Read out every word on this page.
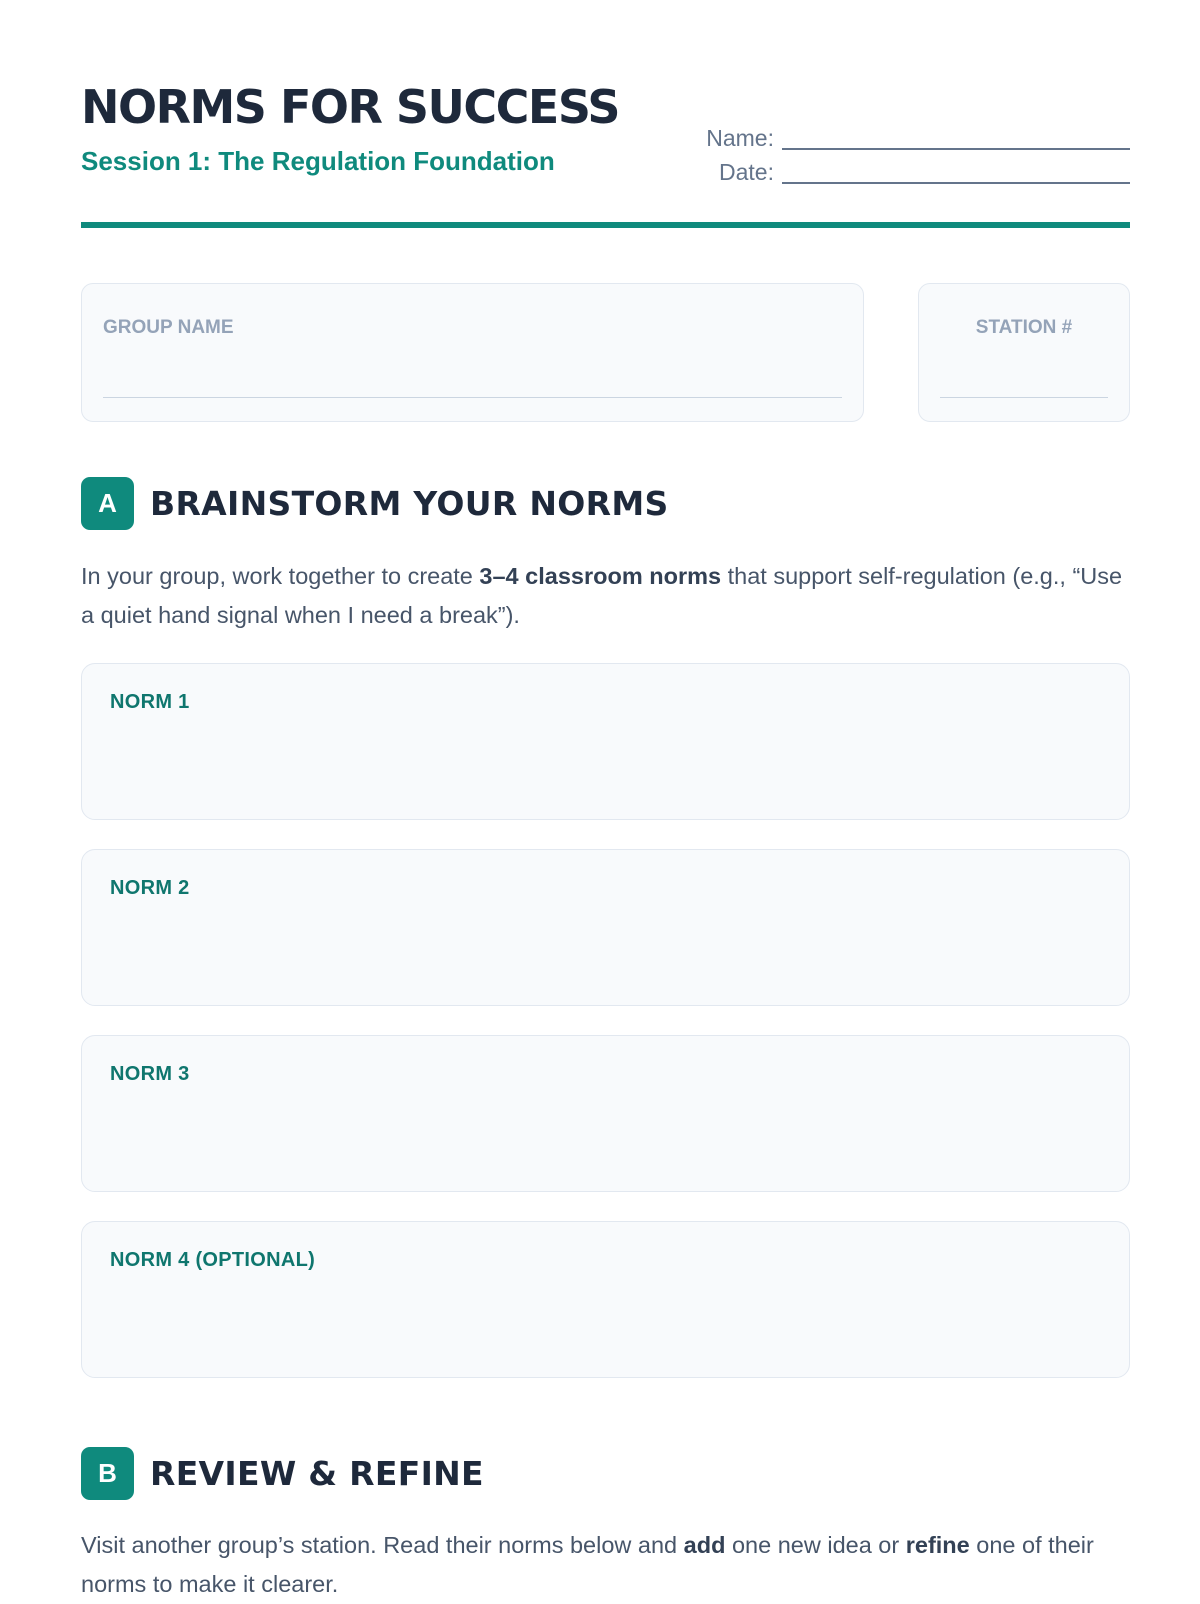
NORMS FOR SUCCESS
Session 1: The Regulation Foundation
Name:
Date:
GROUP NAME	STATION #
A	BRAINSTORM YOUR NORMS
In your group, work together to create 3–4 classroom norms that support self-regulation (e.g., “Use a quiet hand signal when I need a break”).
NORM 1
NORM 2
NORM 3
NORM 4 (OPTIONAL)
B	REVIEW & REFINE
Visit another group’s station. Read their norms below and add one new idea or refine one of their norms to make it clearer.
